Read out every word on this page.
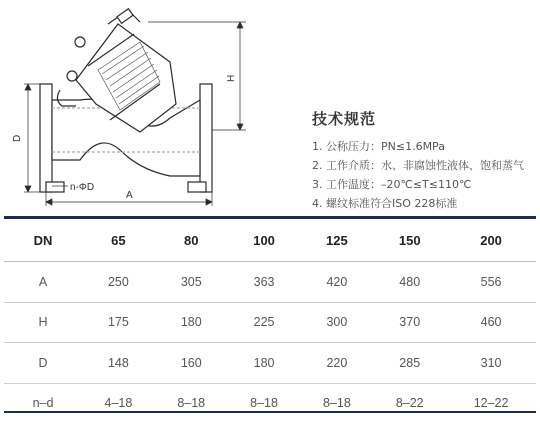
H
D
A
n-ΦD
技术规范
1. 公称压力：PN≤1.6MPa
2. 工作介质：水、非腐蚀性液体、饱和蒸气
3. 工作温度：–20℃≤T≤110℃
4. 螺纹标准符合ISO 228标准
DN	65	80	100	125	150	200
A	250	305	363	420	480	556
H	175	180	225	300	370	460
D	148	160	180	220	285	310
n–d	4–18	8–18	8–18	8–18	8–22	12–22
